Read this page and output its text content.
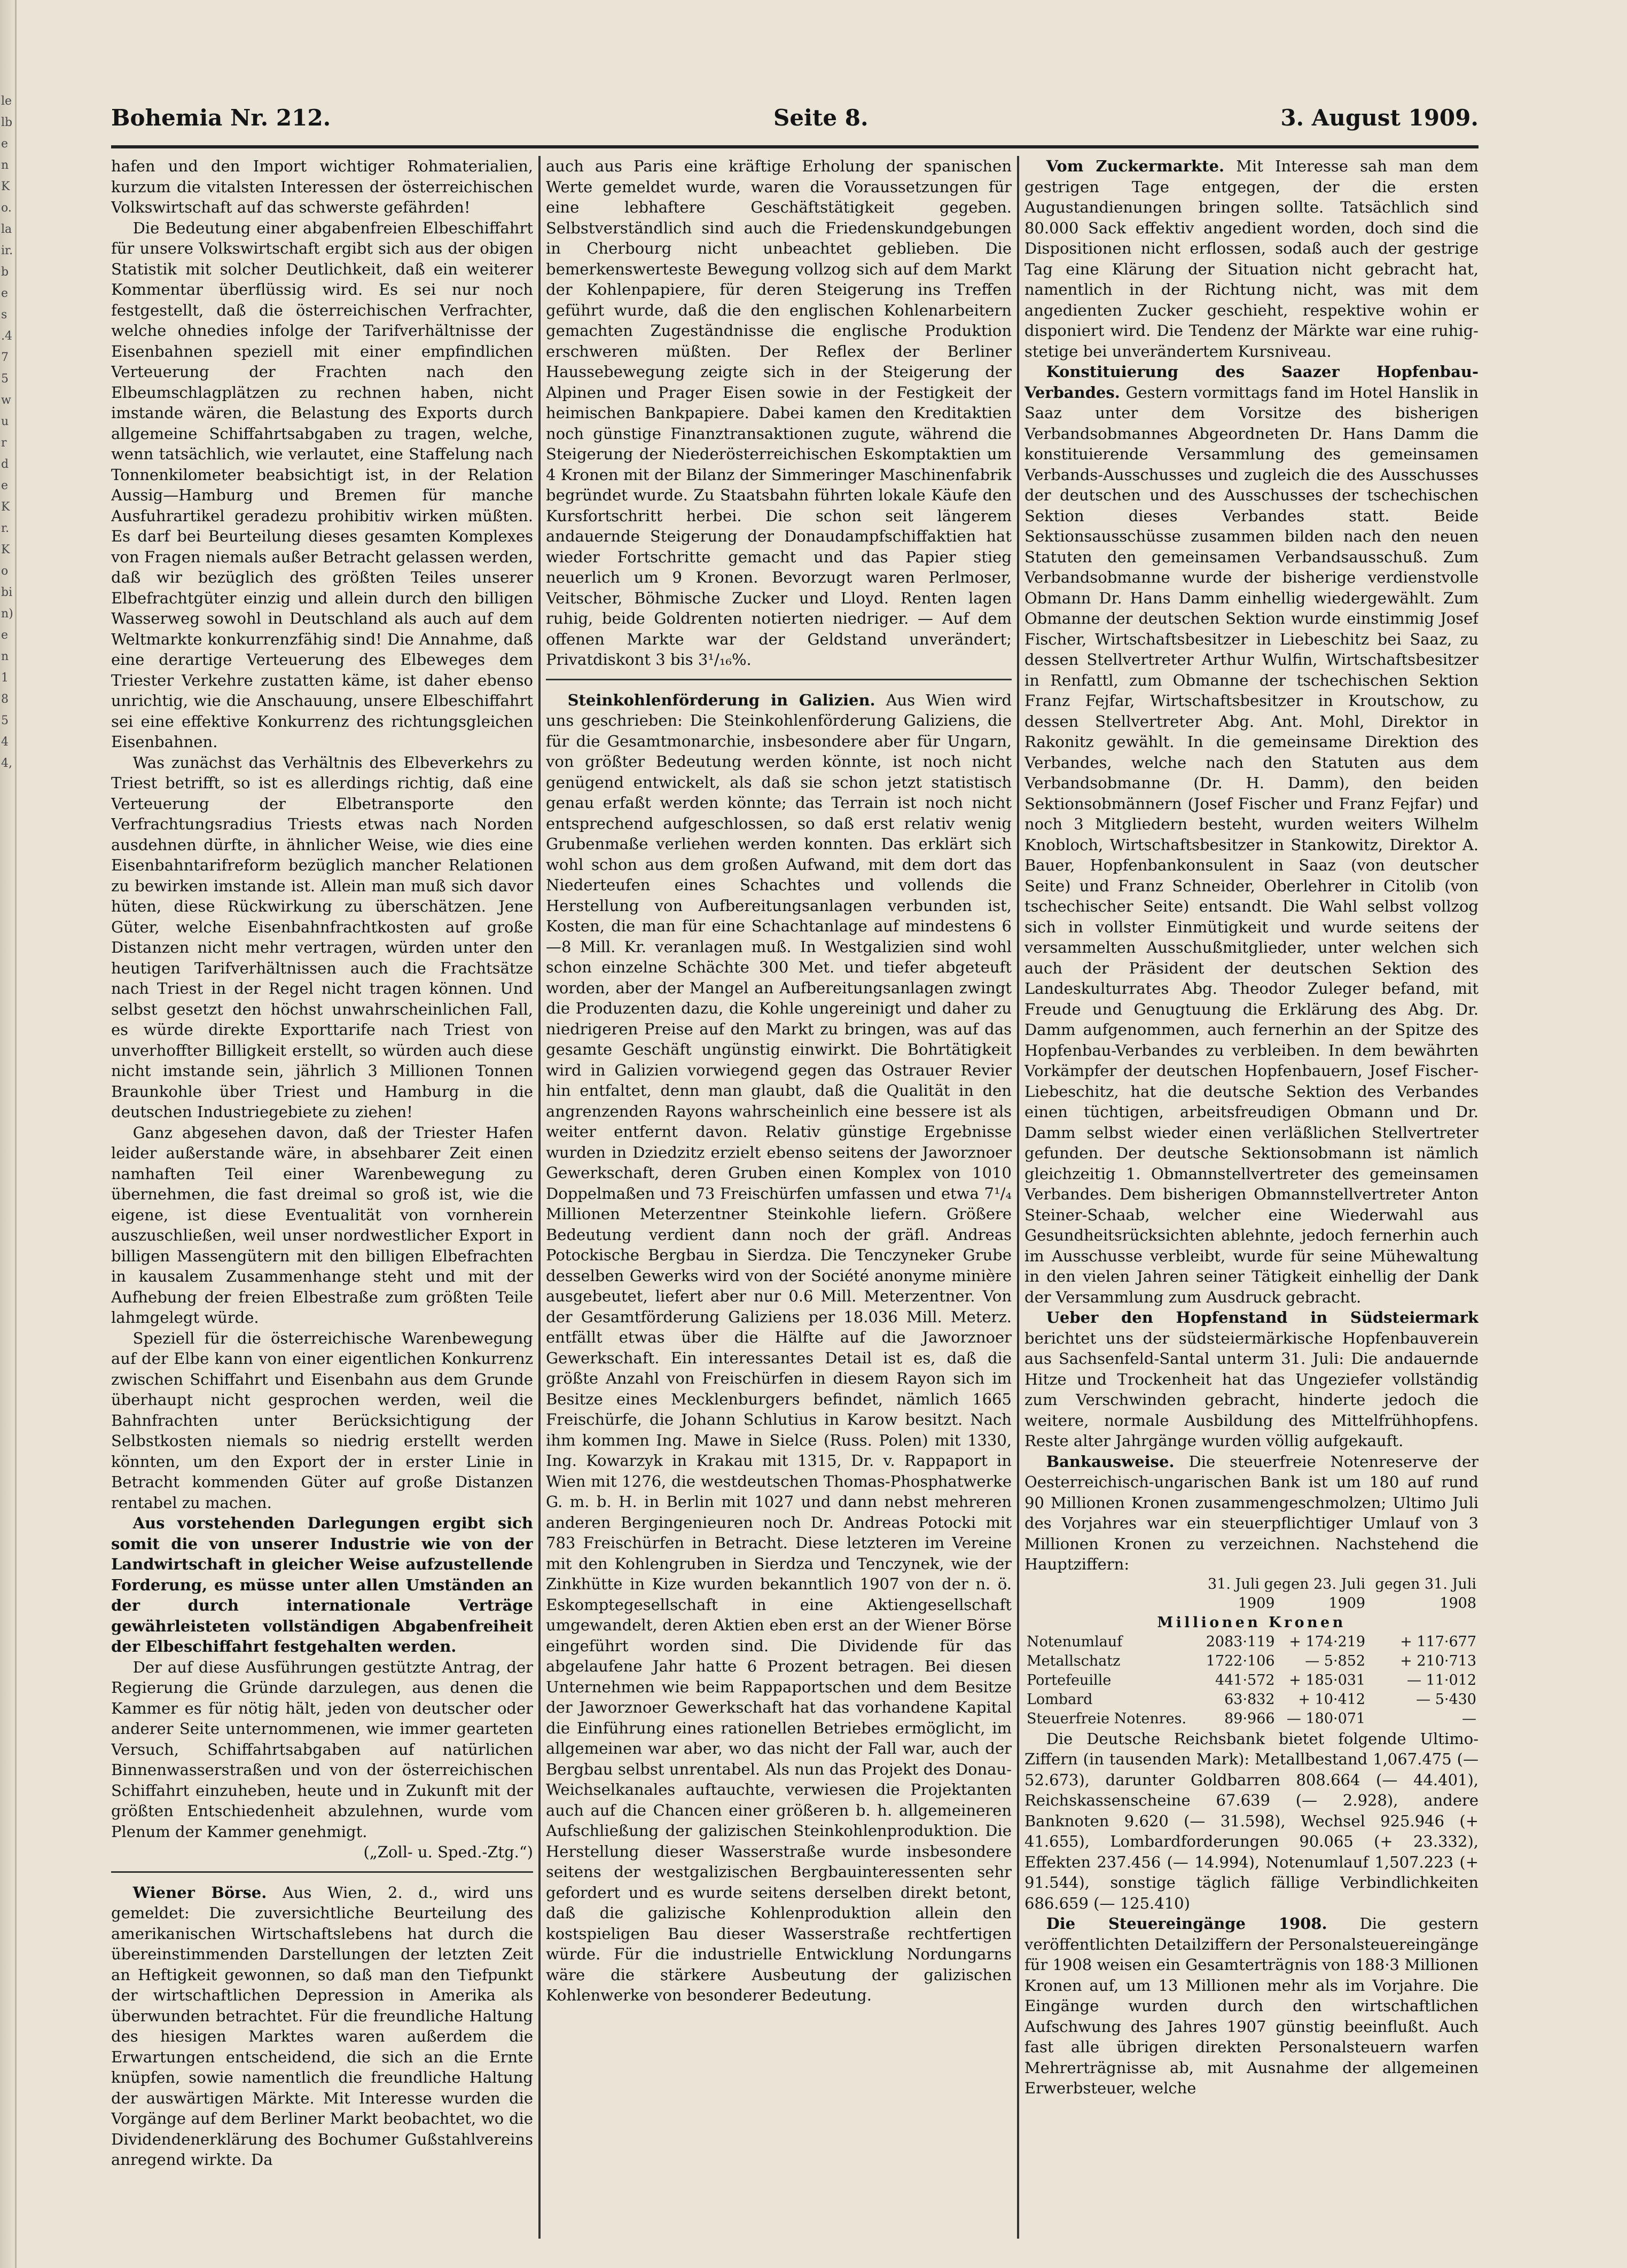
lelben Ko. lair. bes .475 wurde Kr. Ko bin) en 185 44,
Bohemia Nr. 212.	Seite 8.	3. August 1909.

hafen und den Import wichtiger Rohmaterialien, kurzum die vitalsten Interessen der österreichischen Volkswirtschaft auf das schwerste gefährden!

Die Bedeutung einer abgabenfreien Elbeschiffahrt für unsere Volkswirtschaft ergibt sich aus der obigen Statistik mit solcher Deutlichkeit, daß ein weiterer Kommentar überflüssig wird. Es sei nur noch festgestellt, daß die österreichischen Verfrachter, welche ohnedies infolge der Tarifverhältnisse der Eisenbahnen speziell mit einer empfindlichen Verteuerung der Frachten nach den Elbeumschlagplätzen zu rechnen haben, nicht imstande wären, die Belastung des Exports durch allgemeine Schiffahrtsabgaben zu tragen, welche, wenn tatsächlich, wie verlautet, eine Staffelung nach Tonnenkilometer beabsichtigt ist, in der Relation Aussig—Hamburg und Bremen für manche Ausfuhrartikel geradezu prohibitiv wirken müßten. Es darf bei Beurteilung dieses gesamten Komplexes von Fragen niemals außer Betracht gelassen werden, daß wir bezüglich des größten Teiles unserer Elbefrachtgüter einzig und allein durch den billigen Wasserweg sowohl in Deutschland als auch auf dem Weltmarkte konkurrenzfähig sind! Die Annahme, daß eine derartige Verteuerung des Elbeweges dem Triester Verkehre zustatten käme, ist daher ebenso unrichtig, wie die Anschauung, unsere Elbeschiffahrt sei eine effektive Konkurrenz des richtungsgleichen Eisenbahnen.

Was zunächst das Verhältnis des Elbeverkehrs zu Triest betrifft, so ist es allerdings richtig, daß eine Verteuerung der Elbetransporte den Verfrachtungsradius Triests etwas nach Norden ausdehnen dürfte, in ähnlicher Weise, wie dies eine Eisenbahntarifreform bezüglich mancher Relationen zu bewirken imstande ist. Allein man muß sich davor hüten, diese Rückwirkung zu überschätzen. Jene Güter, welche Eisenbahnfrachtkosten auf große Distanzen nicht mehr vertragen, würden unter den heutigen Tarifverhältnissen auch die Frachtsätze nach Triest in der Regel nicht tragen können. Und selbst gesetzt den höchst unwahrscheinlichen Fall, es würde direkte Exporttarife nach Triest von unverhoffter Billigkeit erstellt, so würden auch diese nicht imstande sein, jährlich 3 Millionen Tonnen Braunkohle über Triest und Hamburg in die deutschen Industriegebiete zu ziehen!

Ganz abgesehen davon, daß der Triester Hafen leider außerstande wäre, in absehbarer Zeit einen namhaften Teil einer Warenbewegung zu übernehmen, die fast dreimal so groß ist, wie die eigene, ist diese Eventualität von vornherein auszuschließen, weil unser nordwestlicher Export in billigen Massengütern mit den billigen Elbefrachten in kausalem Zusammenhange steht und mit der Aufhebung der freien Elbestraße zum größten Teile lahmgelegt würde.

Speziell für die österreichische Warenbewegung auf der Elbe kann von einer eigentlichen Konkurrenz zwischen Schiffahrt und Eisenbahn aus dem Grunde überhaupt nicht gesprochen werden, weil die Bahnfrachten unter Berücksichtigung der Selbstkosten niemals so niedrig erstellt werden könnten, um den Export der in erster Linie in Betracht kommenden Güter auf große Distanzen rentabel zu machen.

Aus vorstehenden Darlegungen ergibt sich somit die von unserer Industrie wie von der Landwirtschaft in gleicher Weise aufzustellende Forderung, es müsse unter allen Umständen an der durch internationale Verträge gewährleisteten vollständigen Abgabenfreiheit der Elbeschiffahrt festgehalten werden.

Der auf diese Ausführungen gestützte Antrag, der Regierung die Gründe darzulegen, aus denen die Kammer es für nötig hält, jeden von deutscher oder anderer Seite unternommenen, wie immer gearteten Versuch, Schiffahrtsabgaben auf natürlichen Binnenwasserstraßen und von der österreichischen Schiffahrt einzuheben, heute und in Zukunft mit der größten Entschiedenheit abzulehnen, wurde vom Plenum der Kammer genehmigt.

(„Zoll- u. Sped.-Ztg.“)

Wiener Börse. Aus Wien, 2. d., wird uns gemeldet: Die zuversichtliche Beurteilung des amerikanischen Wirtschaftslebens hat durch die übereinstimmenden Darstellungen der letzten Zeit an Heftigkeit gewonnen, so daß man den Tiefpunkt der wirtschaftlichen Depression in Amerika als überwunden betrachtet. Für die freundliche Haltung des hiesigen Marktes waren außerdem die Erwartungen entscheidend, die sich an die Ernte knüpfen, sowie namentlich die freundliche Haltung der auswärtigen Märkte. Mit Interesse wurden die Vorgänge auf dem Berliner Markt beobachtet, wo die Dividendenerklärung des Bochumer Gußstahlvereins anregend wirkte. Da

auch aus Paris eine kräftige Erholung der spanischen Werte gemeldet wurde, waren die Voraussetzungen für eine lebhaftere Geschäftstätigkeit gegeben. Selbstverständlich sind auch die Friedenskundgebungen in Cherbourg nicht unbeachtet geblieben. Die bemerkenswerteste Bewegung vollzog sich auf dem Markt der Kohlenpapiere, für deren Steigerung ins Treffen geführt wurde, daß die den englischen Kohlenarbeitern gemachten Zugeständnisse die englische Produktion erschweren müßten. Der Reflex der Berliner Haussebewegung zeigte sich in der Steigerung der Alpinen und Prager Eisen sowie in der Festigkeit der heimischen Bankpapiere. Dabei kamen den Kreditaktien noch günstige Finanztransaktionen zugute, während die Steigerung der Niederösterreichischen Eskomptaktien um 4 Kronen mit der Bilanz der Simmeringer Maschinenfabrik begründet wurde. Zu Staatsbahn führten lokale Käufe den Kursfortschritt herbei. Die schon seit längerem andauernde Steigerung der Donaudampfschiffaktien hat wieder Fortschritte gemacht und das Papier stieg neuerlich um 9 Kronen. Bevorzugt waren Perlmoser, Veitscher, Böhmische Zucker und Lloyd. Renten lagen ruhig, beide Goldrenten notierten niedriger. — Auf dem offenen Markte war der Geldstand unverändert; Privatdiskont 3 bis 3¹/₁₆%.

Steinkohlenförderung in Galizien. Aus Wien wird uns geschrieben: Die Steinkohlenförderung Galiziens, die für die Gesamtmonarchie, insbesondere aber für Ungarn, von größter Bedeutung werden könnte, ist noch nicht genügend entwickelt, als daß sie schon jetzt statistisch genau erfaßt werden könnte; das Terrain ist noch nicht entsprechend aufgeschlossen, so daß erst relativ wenig Grubenmaße verliehen werden konnten. Das erklärt sich wohl schon aus dem großen Aufwand, mit dem dort das Niederteufen eines Schachtes und vollends die Herstellung von Aufbereitungsanlagen verbunden ist, Kosten, die man für eine Schachtanlage auf mindestens 6—8 Mill. Kr. veranlagen muß. In Westgalizien sind wohl schon einzelne Schächte 300 Met. und tiefer abgeteuft worden, aber der Mangel an Aufbereitungsanlagen zwingt die Produzenten dazu, die Kohle ungereinigt und daher zu niedrigeren Preise auf den Markt zu bringen, was auf das gesamte Geschäft ungünstig einwirkt. Die Bohrtätigkeit wird in Galizien vorwiegend gegen das Ostrauer Revier hin entfaltet, denn man glaubt, daß die Qualität in den angrenzenden Rayons wahrscheinlich eine bessere ist als weiter entfernt davon. Relativ günstige Ergebnisse wurden in Dziedzitz erzielt ebenso seitens der Jaworznoer Gewerkschaft, deren Gruben einen Komplex von 1010 Doppelmaßen und 73 Freischürfen umfassen und etwa 7¹/₄ Millionen Meterzentner Steinkohle liefern. Größere Bedeutung verdient dann noch der gräfl. Andreas Potockische Bergbau in Sierdza. Die Tenczyneker Grube desselben Gewerks wird von der Société anonyme minière ausgebeutet, liefert aber nur 0.6 Mill. Meterzentner. Von der Gesamtförderung Galiziens per 18.036 Mill. Meterz. entfällt etwas über die Hälfte auf die Jaworznoer Gewerkschaft. Ein interessantes Detail ist es, daß die größte Anzahl von Freischürfen in diesem Rayon sich im Besitze eines Mecklenburgers befindet, nämlich 1665 Freischürfe, die Johann Schlutius in Karow besitzt. Nach ihm kommen Ing. Mawe in Sielce (Russ. Polen) mit 1330, Ing. Kowarzyk in Krakau mit 1315, Dr. v. Rappaport in Wien mit 1276, die westdeutschen Thomas-Phosphatwerke G. m. b. H. in Berlin mit 1027 und dann nebst mehreren anderen Bergingenieuren noch Dr. Andreas Potocki mit 783 Freischürfen in Betracht. Diese letzteren im Vereine mit den Kohlengruben in Sierdza und Tenczynek, wie der Zinkhütte in Kize wurden bekanntlich 1907 von der n. ö. Eskomptegesellschaft in eine Aktiengesellschaft umgewandelt, deren Aktien eben erst an der Wiener Börse eingeführt worden sind. Die Dividende für das abgelaufene Jahr hatte 6 Prozent betragen. Bei diesen Unternehmen wie beim Rappaportschen und dem Besitze der Jaworznoer Gewerkschaft hat das vorhandene Kapital die Einführung eines rationellen Betriebes ermöglicht, im allgemeinen war aber, wo das nicht der Fall war, auch der Bergbau selbst unrentabel. Als nun das Projekt des Donau-Weichselkanales auftauchte, verwiesen die Projektanten auch auf die Chancen einer größeren b. h. allgemeineren Aufschließung der galizischen Steinkohlenproduktion. Die Herstellung dieser Wasserstraße wurde insbesondere seitens der westgalizischen Bergbauinteressenten sehr gefordert und es wurde seitens derselben direkt betont, daß die galizische Kohlenproduktion allein den kostspieligen Bau dieser Wasserstraße rechtfertigen würde. Für die industrielle Entwicklung Nordungarns wäre die stärkere Ausbeutung der galizischen Kohlenwerke von besonderer Bedeutung.

Vom Zuckermarkte. Mit Interesse sah man dem gestrigen Tage entgegen, der die ersten Augustandienungen bringen sollte. Tatsächlich sind 80.000 Sack effektiv angedient worden, doch sind die Dispositionen nicht erflossen, sodaß auch der gestrige Tag eine Klärung der Situation nicht gebracht hat, namentlich in der Richtung nicht, was mit dem angedienten Zucker geschieht, respektive wohin er disponiert wird. Die Tendenz der Märkte war eine ruhig-stetige bei unverändertem Kursniveau.

Konstituierung des Saazer Hopfenbau-Verbandes. Gestern vormittags fand im Hotel Hanslik in Saaz unter dem Vorsitze des bisherigen Verbandsobmannes Abgeordneten Dr. Hans Damm die konstituierende Versammlung des gemeinsamen Verbands-Ausschusses und zugleich die des Ausschusses der deutschen und des Ausschusses der tschechischen Sektion dieses Verbandes statt. Beide Sektionsausschüsse zusammen bilden nach den neuen Statuten den gemeinsamen Verbandsausschuß. Zum Verbandsobmanne wurde der bisherige verdienstvolle Obmann Dr. Hans Damm einhellig wiedergewählt. Zum Obmanne der deutschen Sektion wurde einstimmig Josef Fischer, Wirtschaftsbesitzer in Liebeschitz bei Saaz, zu dessen Stellvertreter Arthur Wulfin, Wirtschaftsbesitzer in Renfattl, zum Obmanne der tschechischen Sektion Franz Fejfar, Wirtschaftsbesitzer in Kroutschow, zu dessen Stellvertreter Abg. Ant. Mohl, Direktor in Rakonitz gewählt. In die gemeinsame Direktion des Verbandes, welche nach den Statuten aus dem Verbandsobmanne (Dr. H. Damm), den beiden Sektionsobmännern (Josef Fischer und Franz Fejfar) und noch 3 Mitgliedern besteht, wurden weiters Wilhelm Knobloch, Wirtschaftsbesitzer in Stankowitz, Direktor A. Bauer, Hopfenbankonsulent in Saaz (von deutscher Seite) und Franz Schneider, Oberlehrer in Citolib (von tschechischer Seite) entsandt. Die Wahl selbst vollzog sich in vollster Einmütigkeit und wurde seitens der versammelten Ausschußmitglieder, unter welchen sich auch der Präsident der deutschen Sektion des Landeskulturrates Abg. Theodor Zuleger befand, mit Freude und Genugtuung die Erklärung des Abg. Dr. Damm aufgenommen, auch fernerhin an der Spitze des Hopfenbau-Verbandes zu verbleiben. In dem bewährten Vorkämpfer der deutschen Hopfenbauern, Josef Fischer-Liebeschitz, hat die deutsche Sektion des Verbandes einen tüchtigen, arbeitsfreudigen Obmann und Dr. Damm selbst wieder einen verläßlichen Stellvertreter gefunden. Der deutsche Sektionsobmann ist nämlich gleichzeitig 1. Obmannstellvertreter des gemeinsamen Verbandes. Dem bisherigen Obmannstellvertreter Anton Steiner-Schaab, welcher eine Wiederwahl aus Gesundheitsrücksichten ablehnte, jedoch fernerhin auch im Ausschusse verbleibt, wurde für seine Mühewaltung in den vielen Jahren seiner Tätigkeit einhellig der Dank der Versammlung zum Ausdruck gebracht.

Ueber den Hopfenstand in Südsteiermark berichtet uns der südsteiermärkische Hopfenbauverein aus Sachsenfeld-Santal unterm 31. Juli: Die andauernde Hitze und Trockenheit hat das Ungeziefer vollständig zum Verschwinden gebracht, hinderte jedoch die weitere, normale Ausbildung des Mittelfrühhopfens. Reste alter Jahrgänge wurden völlig aufgekauft.

Bankausweise. Die steuerfreie Notenreserve der Oesterreichisch-ungarischen Bank ist um 180 auf rund 90 Millionen Kronen zusammengeschmolzen; Ultimo Juli des Vorjahres war ein steuerpflichtiger Umlauf von 3 Millionen Kronen zu verzeichnen. Nachstehend die Hauptziffern:

	31. Juli gegen 23. Juli		gegen 31. Juli
	1909	1909	1908
Millionen Kronen			
Notenumlauf	2083·119	+ 174·219	+ 117·677
Metallschatz	1722·106	— 5·852	+ 210·713
Portefeuille	441·572	+ 185·031	— 11·012
Lombard	63·832	+ 10·412	— 5·430
Steuerfreie Notenres.	89·966	— 180·071	—

Die Deutsche Reichsbank bietet folgende Ultimo-Ziffern (in tausenden Mark): Metallbestand 1,067.475 (— 52.673), darunter Goldbarren 808.664 (— 44.401), Reichskassenscheine 67.639 (— 2.928), andere Banknoten 9.620 (— 31.598), Wechsel 925.946 (+ 41.655), Lombardforderungen 90.065 (+ 23.332), Effekten 237.456 (— 14.994), Notenumlauf 1,507.223 (+ 91.544), sonstige täglich fällige Verbindlichkeiten 686.659 (— 125.410)

Die Steuereingänge 1908. Die gestern veröffentlichten Detailziffern der Personalsteuereingänge für 1908 weisen ein Gesamterträgnis von 188·3 Millionen Kronen auf, um 13 Millionen mehr als im Vorjahre. Die Eingänge wurden durch den wirtschaftlichen Aufschwung des Jahres 1907 günstig beeinflußt. Auch fast alle übrigen direkten Personalsteuern warfen Mehrerträgnisse ab, mit Ausnahme der allgemeinen Erwerbsteuer, welche
